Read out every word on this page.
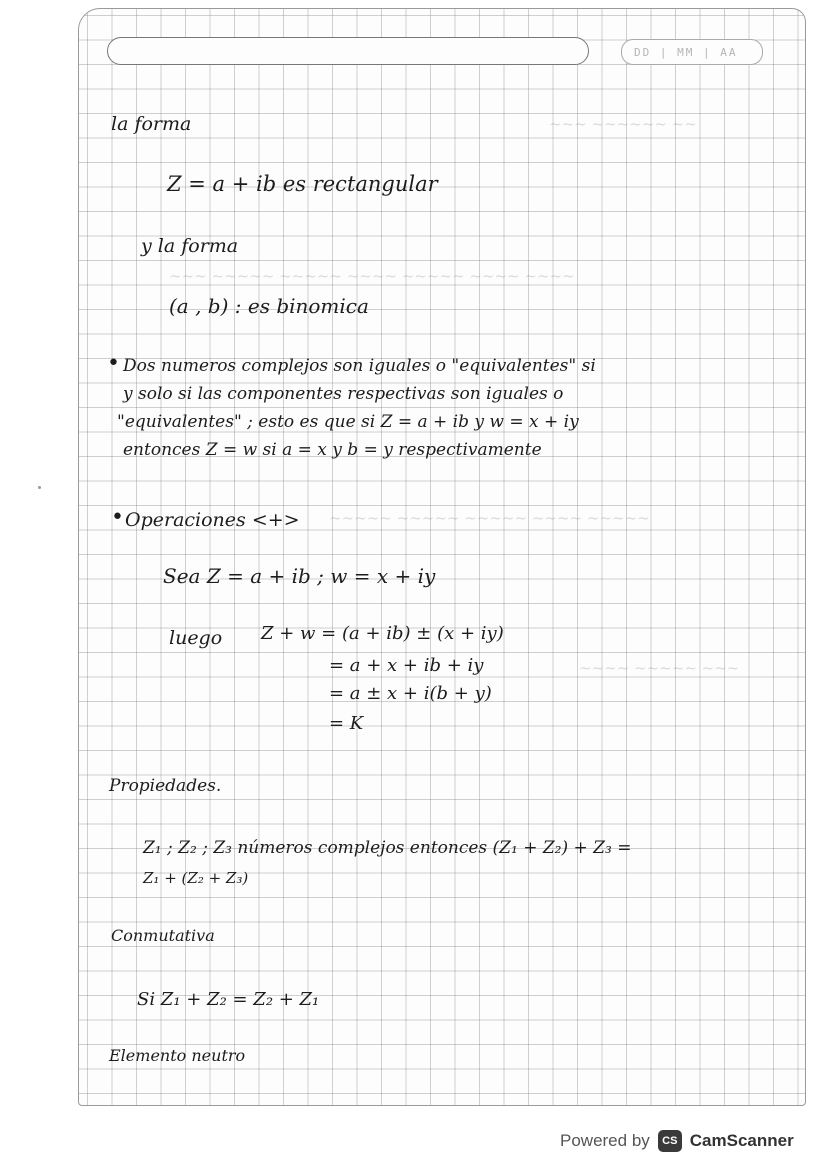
DD | MM | AA
~~~ ~~~~~~ ~~
~~~ ~~~~~ ~~~~~ ~~~~ ~~~~~ ~~~~ ~~~~
~~~~~ ~~~~~ ~~~~~ ~~~~ ~~~~~
~~~~ ~~~~~ ~~~
la forma
Z = a + ib es rectangular
y la forma
(a , b) : es binomica
• Dos numeros complejos son iguales o "equivalentes" si
y solo si las componentes respectivas son iguales o
"equivalentes" ; esto es que si Z = a + ib y w = x + iy
entonces Z = w si a = x y b = y respectivamente
• Operaciones <+>
Sea Z = a + ib ; w = x + iy
luego Z + w = (a + ib) ± (x + iy)
= a + x + ib + iy
= a ± x + i(b + y)
= K
Propiedades.
Z₁ ; Z₂ ; Z₃ números complejos entonces (Z₁ + Z₂) + Z₃ =
Z₁ + (Z₂ + Z₃)
Conmutativa
Si Z₁ + Z₂ = Z₂ + Z₁
Elemento neutro
Powered by	CS CamScanner
